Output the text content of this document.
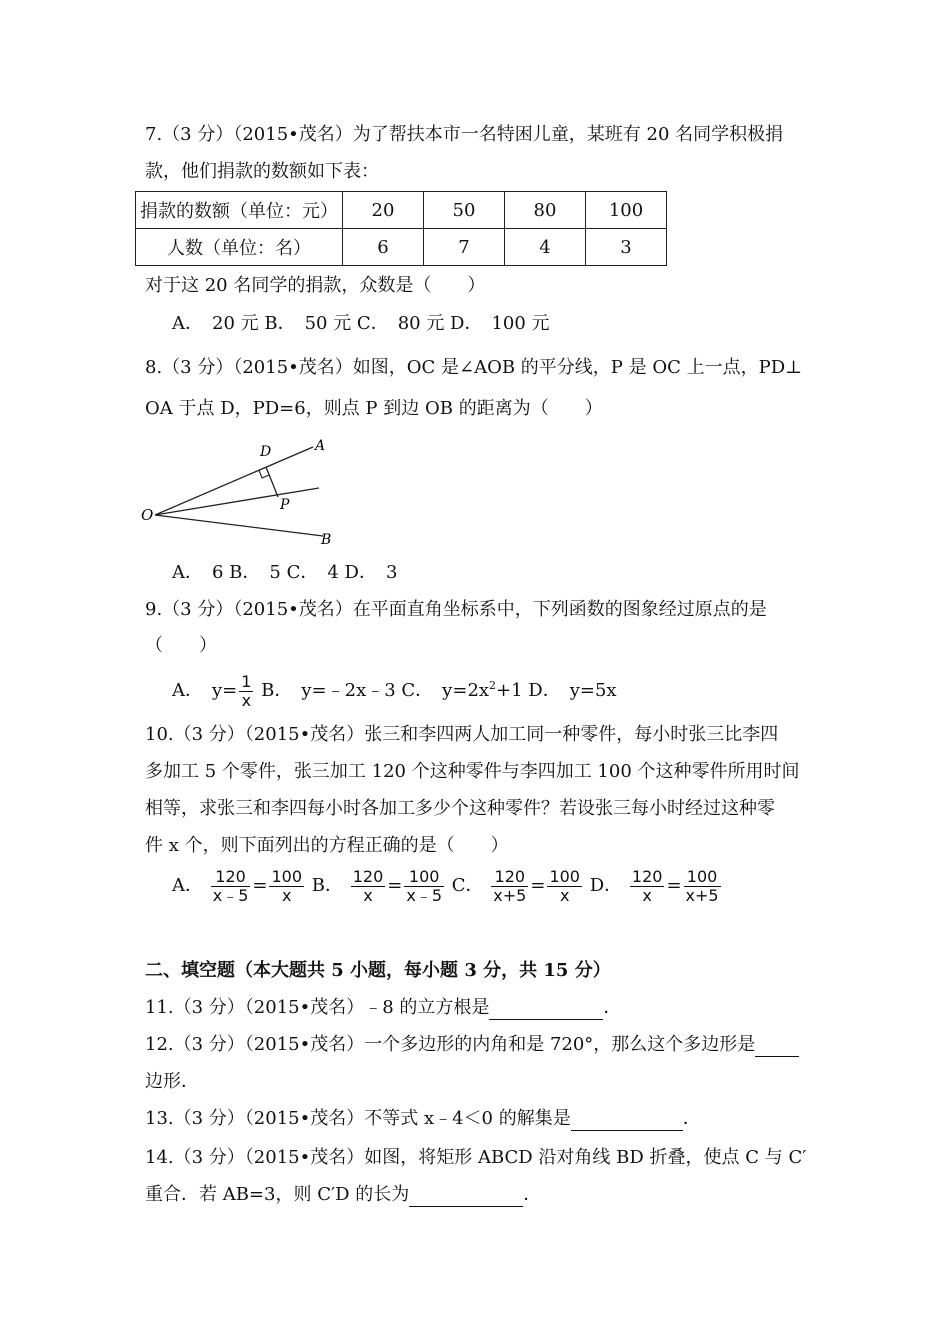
7.（3 分）（2015•茂名）为了帮扶本市一名特困儿童，某班有 20 名同学积极捐
款，他们捐款的数额如下表：
捐款的数额（单位：元）	20	50	80	100
人数（单位：名）	6	7	4	3
对于这 20 名同学的捐款，众数是（　　）
A．　20 元 B．　50 元 C．　80 元 D．　100 元
8.（3 分）（2015•茂名）如图，OC 是∠AOB 的平分线，P 是 OC 上一点，PD⊥
OA 于点 D，PD=6，则点 P 到边 OB 的距离为（　　）
O
D	A
P
B
A．　6 B．　5 C．　4 D．　3
9.（3 分）（2015•茂名）在平面直角坐标系中，下列函数的图象经过原点的是
（　　）
A．　$y= \frac{1}{x}$ B．　y=﹣2x﹣3 C．　$y=2x^2+1$ D．　y=5x
10.（3 分）（2015•茂名）张三和李四两人加工同一种零件，每小时张三比李四
多加工 5 个零件，张三加工 120 个这种零件与李四加工 100 个这种零件所用时间
相等，求张三和李四每小时各加工多少个这种零件？若设张三每小时经过这种零
件 x 个，则下面列出的方程正确的是（　　）
A． $\frac{120}{x﹣5} = \frac{100}{x}$ B． $\frac{120}{x} = \frac{100}{x﹣5}$ C． $\frac{120}{x+5} = \frac{100}{x}$ D． $\frac{120}{x} = \frac{100}{x+5}$
二、填空题（本大题共 5 小题，每小题 3 分，共 15 分）
11.（3 分）（2015•茂名）﹣8 的立方根是	．
12.（3 分）（2015•茂名）一个多边形的内角和是 720°，那么这个多边形是
边形．
13.（3 分）（2015•茂名）不等式 x﹣4＜0 的解集是	．
14.（3 分）（2015•茂名）如图，将矩形 ABCD 沿对角线 BD 折叠，使点 C 与 C′
重合．若 AB=3，则 C′D 的长为	．
